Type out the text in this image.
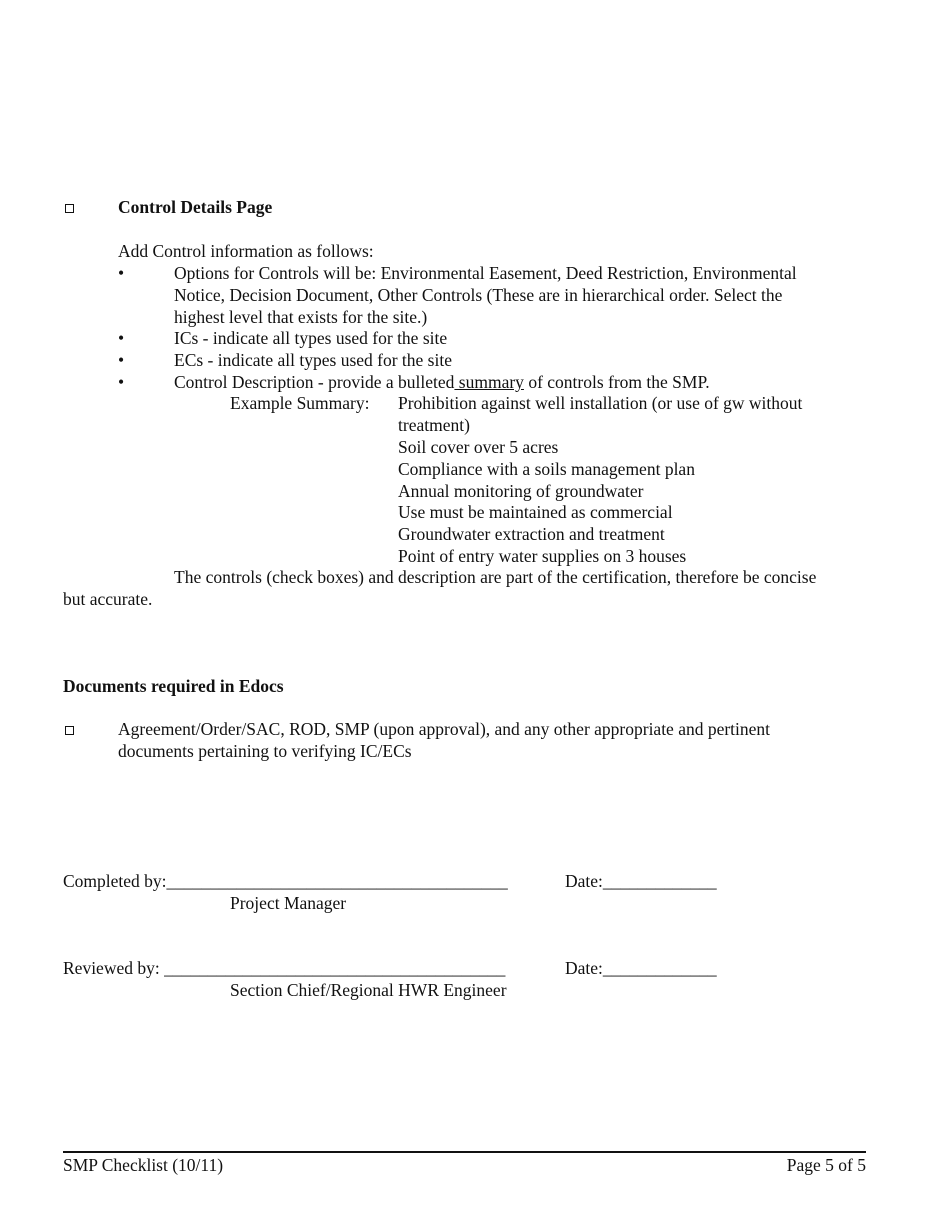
Control Details Page
Add Control information as follows:
•	Options for Controls will be: Environmental Easement, Deed Restriction, Environmental
Notice, Decision Document, Other Controls (These are in hierarchical order. Select the
highest level that exists for the site.)
•	ICs - indicate all types used for the site
•	ECs - indicate all types used for the site
•	Control Description - provide a bulleted summary of controls from the SMP.
Example Summary: Prohibition against well installation (or use of gw without
treatment)
Soil cover over 5 acres
Compliance with a soils management plan
Annual monitoring of groundwater
Use must be maintained as commercial
Groundwater extraction and treatment
Point of entry water supplies on 3 houses
The controls (check boxes) and description are part of the certification, therefore be concise
but accurate.
Documents required in Edocs
Agreement/Order/SAC, ROD, SMP (upon approval), and any other appropriate and pertinent
documents pertaining to verifying IC/ECs
Completed by:_______________________________________	Date:_____________
Project Manager
Reviewed by: _______________________________________	Date:_____________
Section Chief/Regional HWR Engineer
SMP Checklist (10/11)	Page 5 of 5
